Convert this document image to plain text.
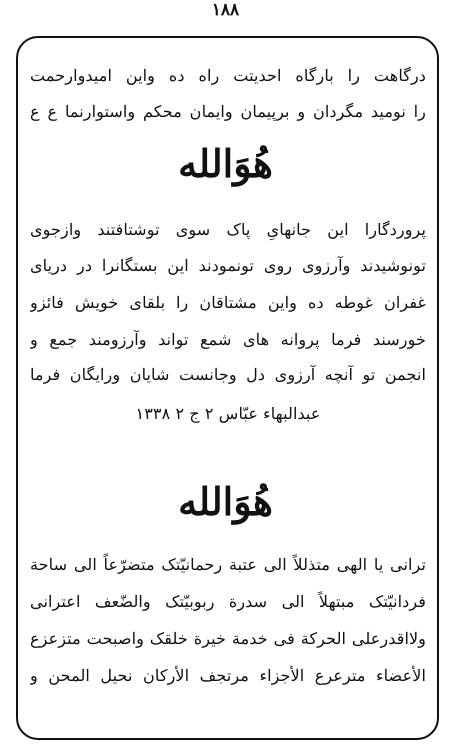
۱۸۸
درگاهت را بارگاه احدیتت راه ده واین امیدوارحمت
را نومید مگردان و برپیمان وایمان محکم واستوارنما ع ع
هُوَالله
پروردگارا این جانهایِ پاک سوی توشتافتند وازجوی
تونوشیدند وآرزوی روی تونمودند این بستگانرا در دریای
غفران غوطه ده واین مشتاقان را بلقای خویش فائزو
خورسند فرما پروانه های شمع تواند وآرزومند جمع و
انجمن تو آنچه آرزوی دل وجانست شایان ورایگان فرما
عبدالبهاء عبّاس ٢ ج ٢ ١٣٣٨
هُوَالله
ترانی یا الهی متذللاً الی عتبة رحمانیّتک متضرّعاً الی ساحة
فردانیّتک مبتهلاً الی سدرة ربوبیّتک والضّعف اعترانی
ولااقدرعلی الحرکة فی خدمة خیرة خلقک واصبحت متزعزع
الأعضاء مترعرع الأجزاء مرتجف الأرکان نحیل المحن و
